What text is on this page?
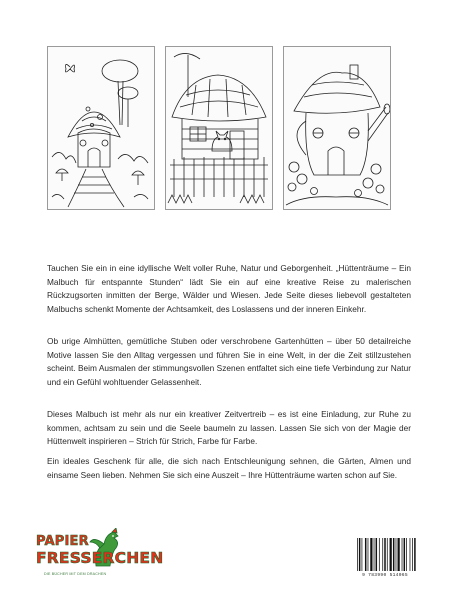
Tauchen Sie ein in eine idyllische Welt voller Ruhe, Natur und Geborgenheit. „Hüttenträume – Ein Malbuch für entspannte Stunden“ lädt Sie ein auf eine kreative Reise zu malerischen Rückzugsorten inmitten der Berge, Wälder und Wiesen. Jede Seite dieses liebevoll gestalteten Malbuchs schenkt Momente der Achtsamkeit, des Loslassens und der inneren Einkehr.

Ob urige Almhütten, gemütliche Stuben oder verschrobene Gartenhütten – über 50 detailreiche Motive lassen Sie den Alltag vergessen und führen Sie in eine Welt, in der die Zeit stillzustehen scheint. Beim Ausmalen der stimmungsvollen Szenen entfaltet sich eine tiefe Verbindung zur Natur und ein Gefühl wohltuender Gelassenheit.

Dieses Malbuch ist mehr als nur ein kreativer Zeitvertreib – es ist eine Einladung, zur Ruhe zu kommen, achtsam zu sein und die Seele baumeln zu lassen. Lassen Sie sich von der Magie der Hüttenwelt inspirieren – Strich für Strich, Farbe für Farbe.

Ein ideales Geschenk für alle, die sich nach Entschleunigung sehnen, die Gärten, Almen und einsame Seen lieben. Nehmen Sie sich eine Auszeit – Ihre Hüttenträume warten schon auf Sie.

PAPIER
FRESSERCHEN
DIE BÜCHER MIT DEM DRACHEN	9 783990 514065
